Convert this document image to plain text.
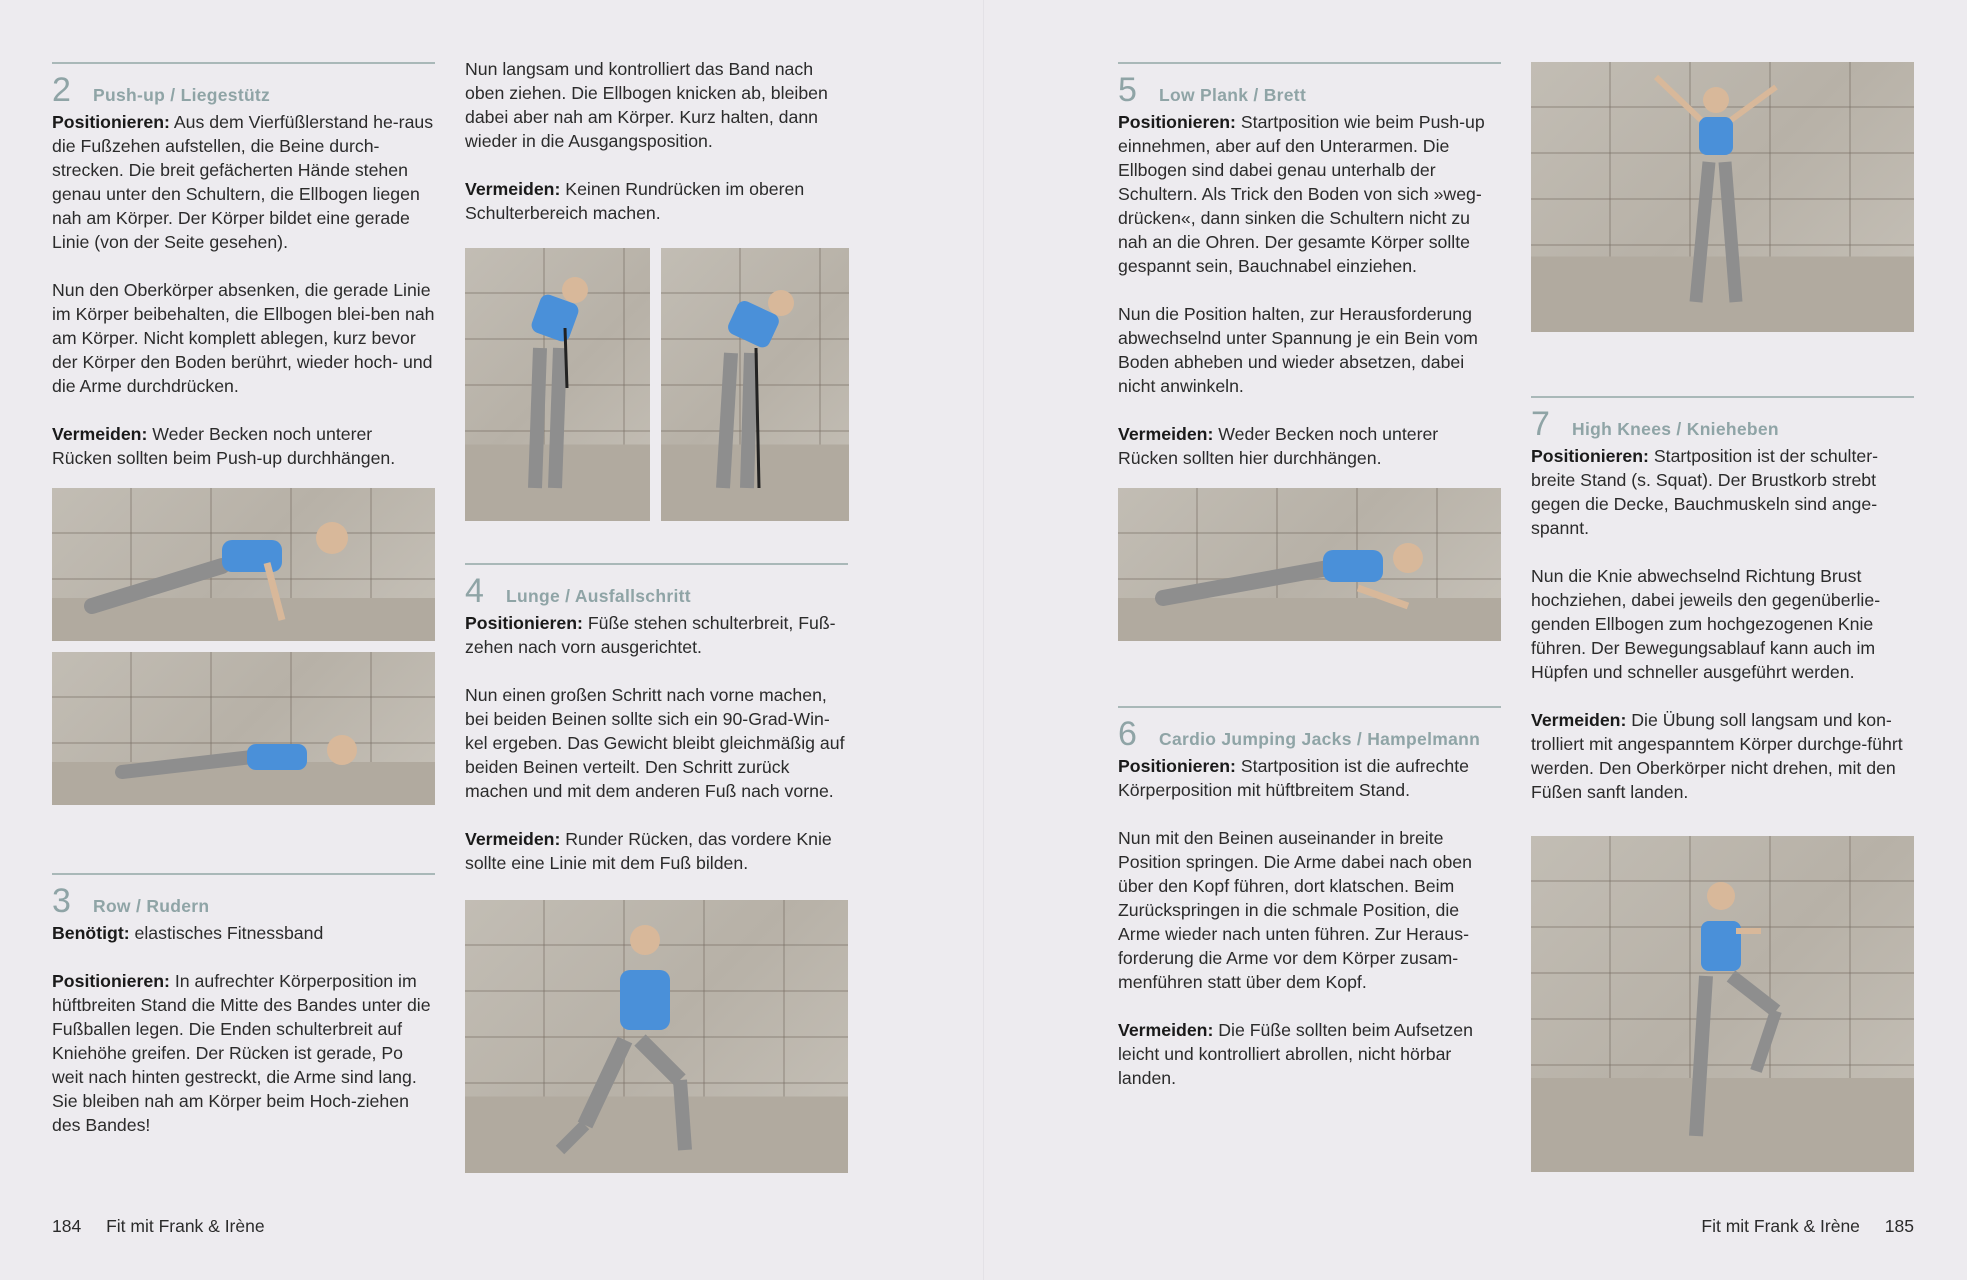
2	Push-up / Liegestütz

Positionieren: Aus dem Vierfüßlerstand he-raus die Fußzehen aufstellen, die Beine durch-strecken. Die breit gefächerten Hände stehen genau unter den Schultern, die Ellbogen liegen nah am Körper. Der Körper bildet eine gerade Linie (von der Seite gesehen).

Nun den Oberkörper absenken, die gerade Linie im Körper beibehalten, die Ellbogen blei-ben nah am Körper. Nicht komplett ablegen, kurz bevor der Körper den Boden berührt, wieder hoch- und die Arme durchdrücken.

Vermeiden: Weder Becken noch unterer Rücken sollten beim Push-up durchhängen.

3	Row / Rudern

Benötigt: elastisches Fitnessband

Positionieren: In aufrechter Körperposition im hüftbreiten Stand die Mitte des Bandes unter die Fußballen legen. Die Enden schulterbreit auf Kniehöhe greifen. Der Rücken ist gerade, Po weit nach hinten gestreckt, die Arme sind lang. Sie bleiben nah am Körper beim Hoch-ziehen des Bandes!

Nun langsam und kontrolliert das Band nach oben ziehen. Die Ellbogen knicken ab, bleiben dabei aber nah am Körper. Kurz halten, dann wieder in die Ausgangsposition.

Vermeiden: Keinen Rundrücken im oberen Schulterbereich machen.

4	Lunge / Ausfallschritt

Positionieren: Füße stehen schulterbreit, Fuß-zehen nach vorn ausgerichtet.

Nun einen großen Schritt nach vorne machen, bei beiden Beinen sollte sich ein 90-Grad-Win-kel ergeben. Das Gewicht bleibt gleichmäßig auf beiden Beinen verteilt. Den Schritt zurück machen und mit dem anderen Fuß nach vorne.

Vermeiden: Runder Rücken, das vordere Knie sollte eine Linie mit dem Fuß bilden.

5	Low Plank / Brett

Positionieren: Startposition wie beim Push-up einnehmen, aber auf den Unterarmen. Die Ellbogen sind dabei genau unterhalb der Schultern. Als Trick den Boden von sich »weg-drücken«, dann sinken die Schultern nicht zu nah an die Ohren. Der gesamte Körper sollte gespannt sein, Bauchnabel einziehen.

Nun die Position halten, zur Herausforderung abwechselnd unter Spannung je ein Bein vom Boden abheben und wieder absetzen, dabei nicht anwinkeln.

Vermeiden: Weder Becken noch unterer Rücken sollten hier durchhängen.

6	Cardio Jumping Jacks / Hampelmann

Positionieren: Startposition ist die aufrechte Körperposition mit hüftbreitem Stand.

Nun mit den Beinen auseinander in breite Position springen. Die Arme dabei nach oben über den Kopf führen, dort klatschen. Beim Zurückspringen in die schmale Position, die Arme wieder nach unten führen. Zur Heraus-forderung die Arme vor dem Körper zusam-menführen statt über dem Kopf.

Vermeiden: Die Füße sollten beim Aufsetzen leicht und kontrolliert abrollen, nicht hörbar landen.

7	High Knees / Knieheben

Positionieren: Startposition ist der schulter-breite Stand (s. Squat). Der Brustkorb strebt gegen die Decke, Bauchmuskeln sind ange-spannt.

Nun die Knie abwechselnd Richtung Brust hochziehen, dabei jeweils den gegenüberlie-genden Ellbogen zum hochgezogenen Knie führen. Der Bewegungsablauf kann auch im Hüpfen und schneller ausgeführt werden.

Vermeiden: Die Übung soll langsam und kon-trolliert mit angespanntem Körper durchge-führt werden. Den Oberkörper nicht drehen, mit den Füßen sanft landen.

184 Fit mit Frank & Irène	Fit mit Frank & Irène 185
